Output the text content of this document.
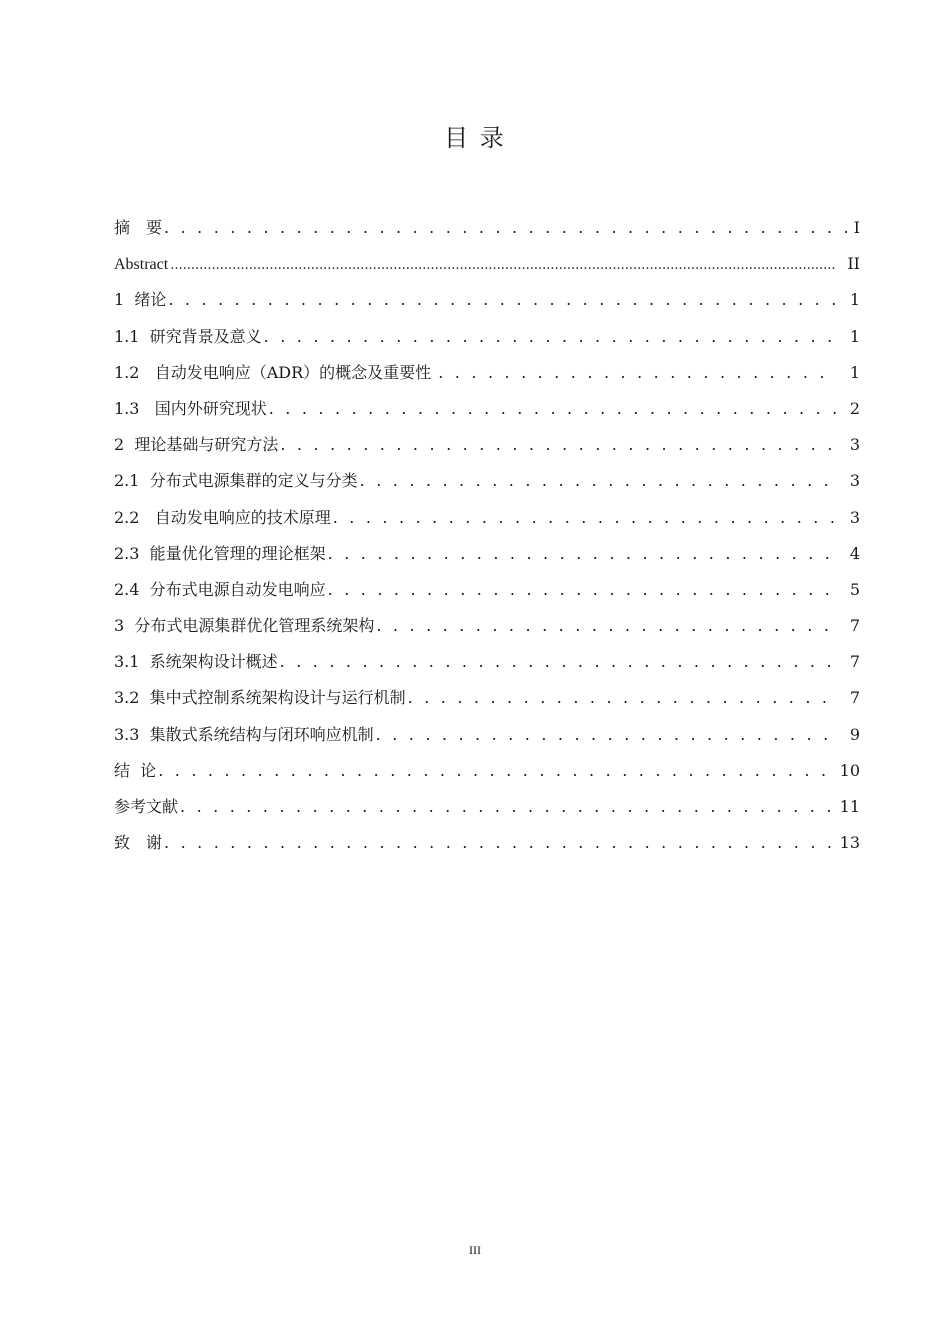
目 录
摘　要 . . .	I
Abstract .....	II
1  绪论 . . .	1
1.1  研究背景及意义 . . .	1
1.2   自动发电响应（ADR）的概念及重要性 . . .	1
1.3   国内外研究现状 . . .	2
2  理论基础与研究方法 . . .	3
2.1  分布式电源集群的定义与分类 . . .	3
2.2   自动发电响应的技术原理 . . .	3
2.3  能量优化管理的理论框架 . . .	4
2.4  分布式电源自动发电响应 . . .	5
3  分布式电源集群优化管理系统架构 . . .	7
3.1  系统架构设计概述 . . .	7
3.2  集中式控制系统架构设计与运行机制 . . .	7
3.3  集散式系统结构与闭环响应机制 . . .	9
结  论 . . .	10
参考文献 . . .	11
致　谢 . . .	13
III
